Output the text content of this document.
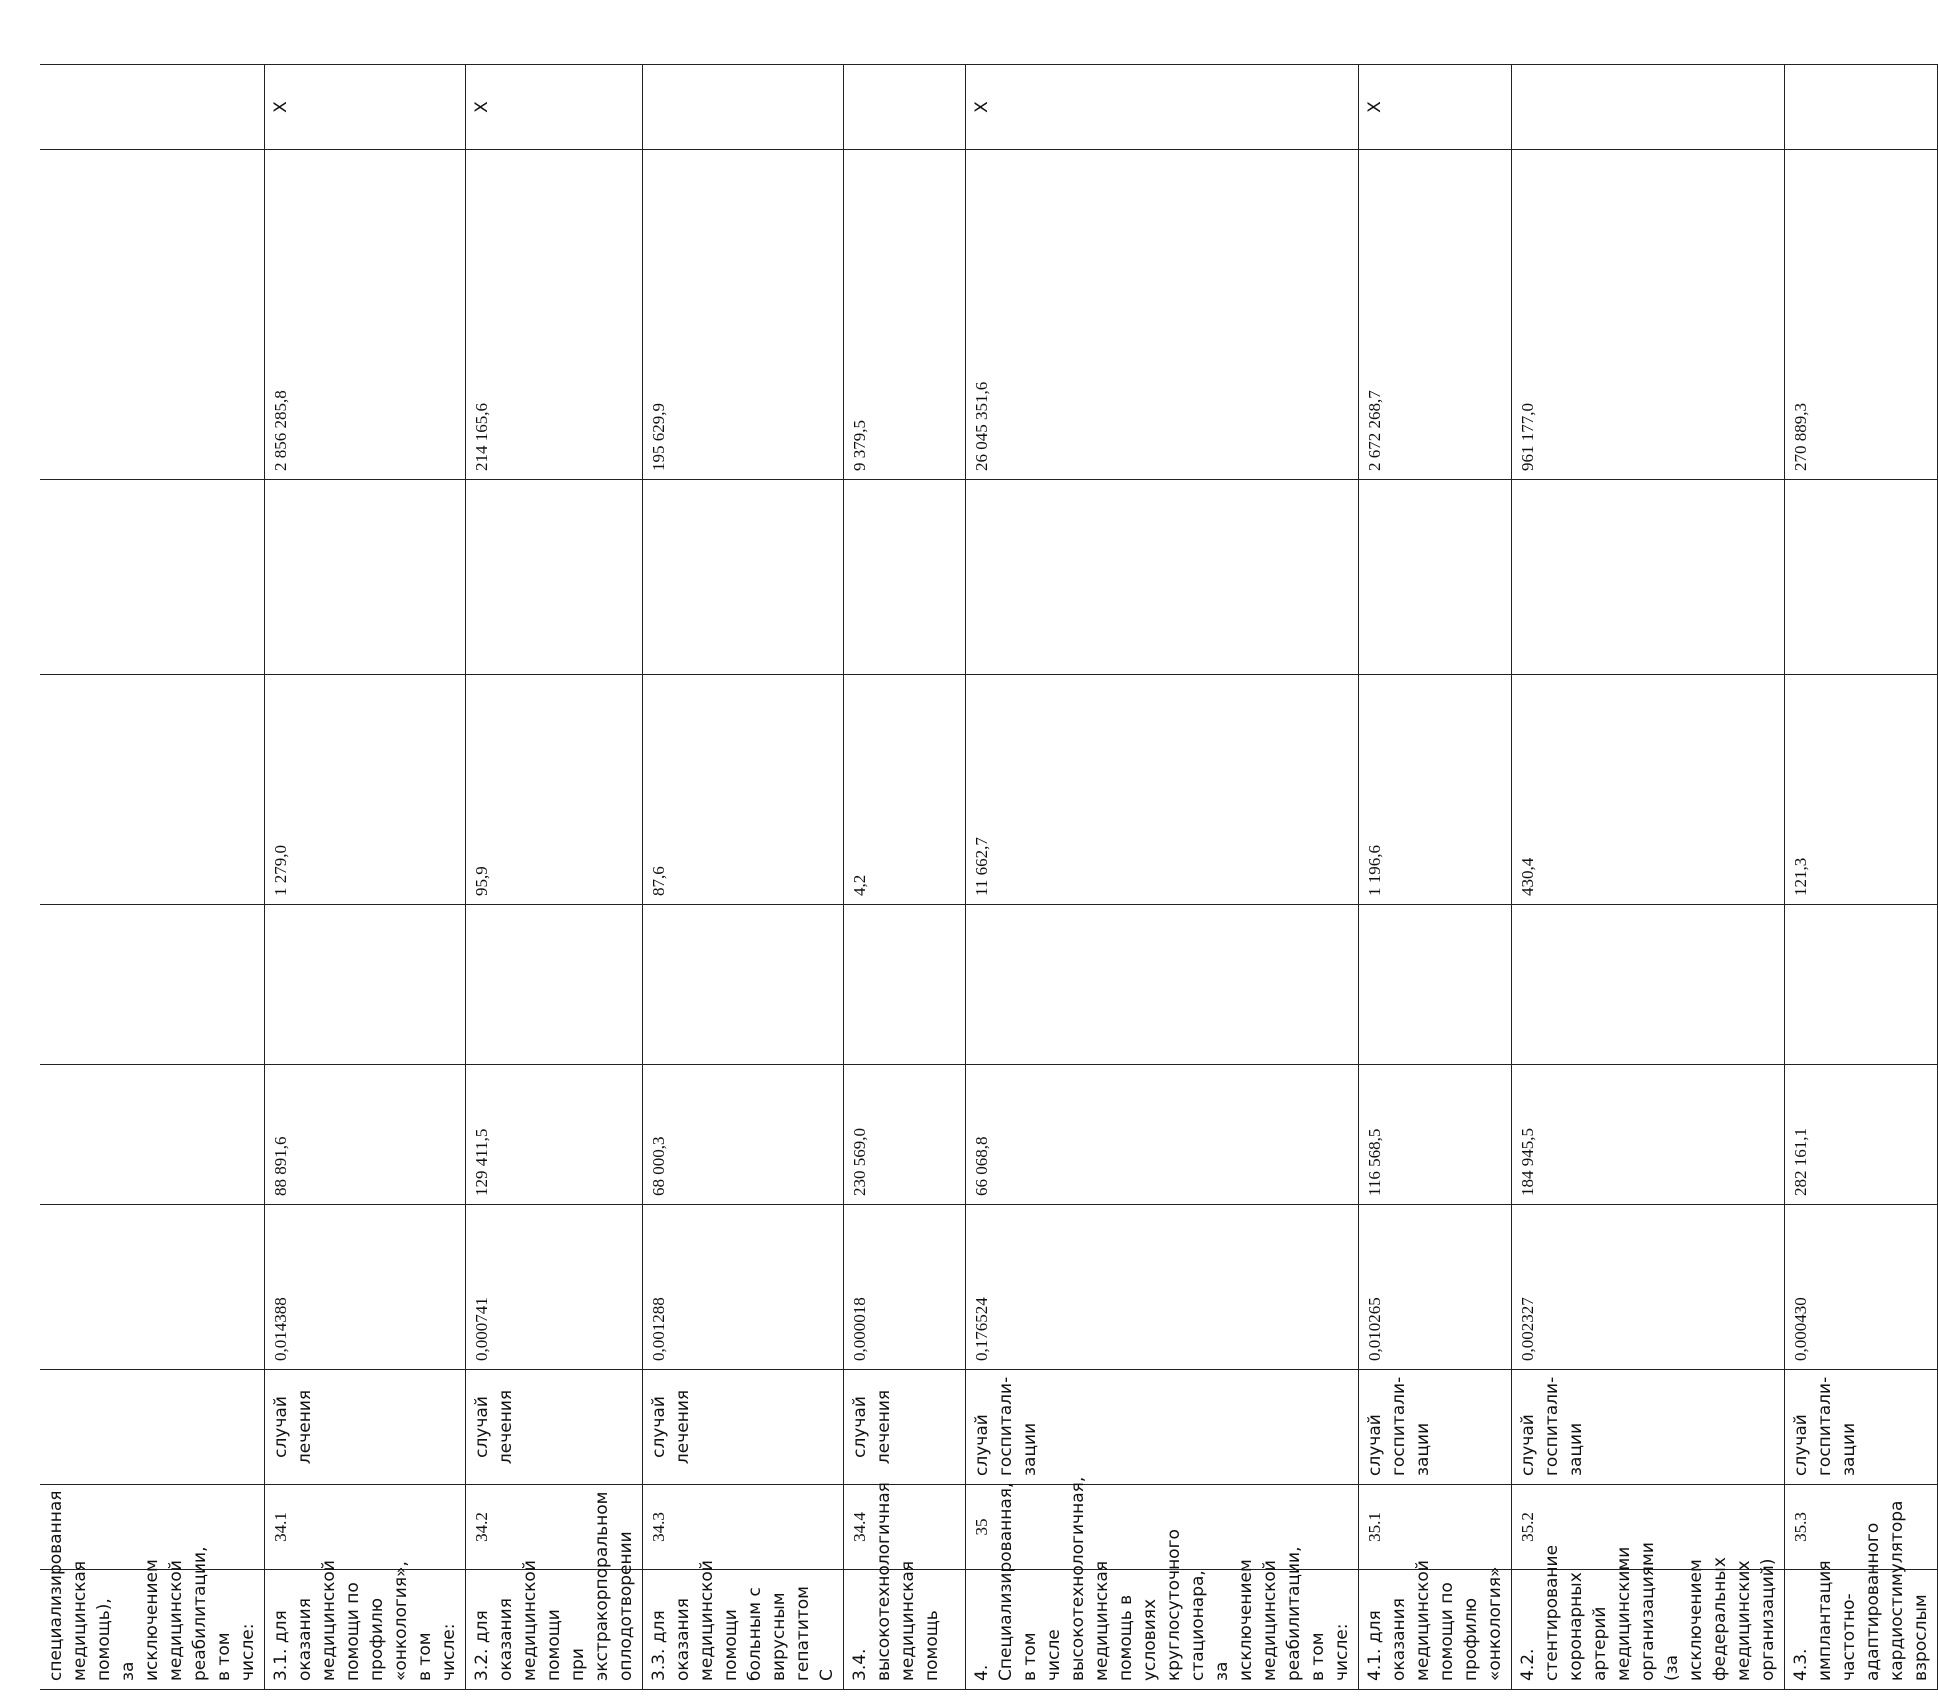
специализированная медицинская помощь), за исключением медицинской реабилитации, в том числе:									
3.1. для оказания медицинской помощи по профилю «онкология», в том числе:	34.1	случай лечения	0,014388	88 891,6		1 279,0		2 856 285,8	Х
3.2. для оказания медицинской помощи при экстракорпоральном оплодотворении	34.2	случай лечения	0,000741	129 411,5		95,9		214 165,6	Х
3.3. для оказания медицинской помощи больным с вирусным гепатитом С	34.3	случай лечения	0,001288	68 000,3		87,6		195 629,9	
3.4. высокотехнологичная медицинская помощь	34.4	случай лечения	0,000018	230 569,0		4,2		9 379,5	
4. Специализированная, в том числе высокотехнологичная, медицинская помощь в условиях круглосуточного стационара, за исключением медицинской реабилитации, в том числе:	35	случай госпитали-зации	0,176524	66 068,8		11 662,7		26 045 351,6	Х
4.1. для оказания медицинской помощи по профилю «онкология»	35.1	случай госпитали-зации	0,010265	116 568,5		1 196,6		2 672 268,7	Х
4.2. стентирование коронарных артерий медицинскими организациями (за исключением федеральных медицинских организаций)	35.2	случай госпитали-зации	0,002327	184 945,5		430,4		961 177,0	
4.3. имплантация частотно-адаптированного кардиостимулятора взрослым	35.3	случай госпитали-зации	0,000430	282 161,1		121,3		270 889,3	
